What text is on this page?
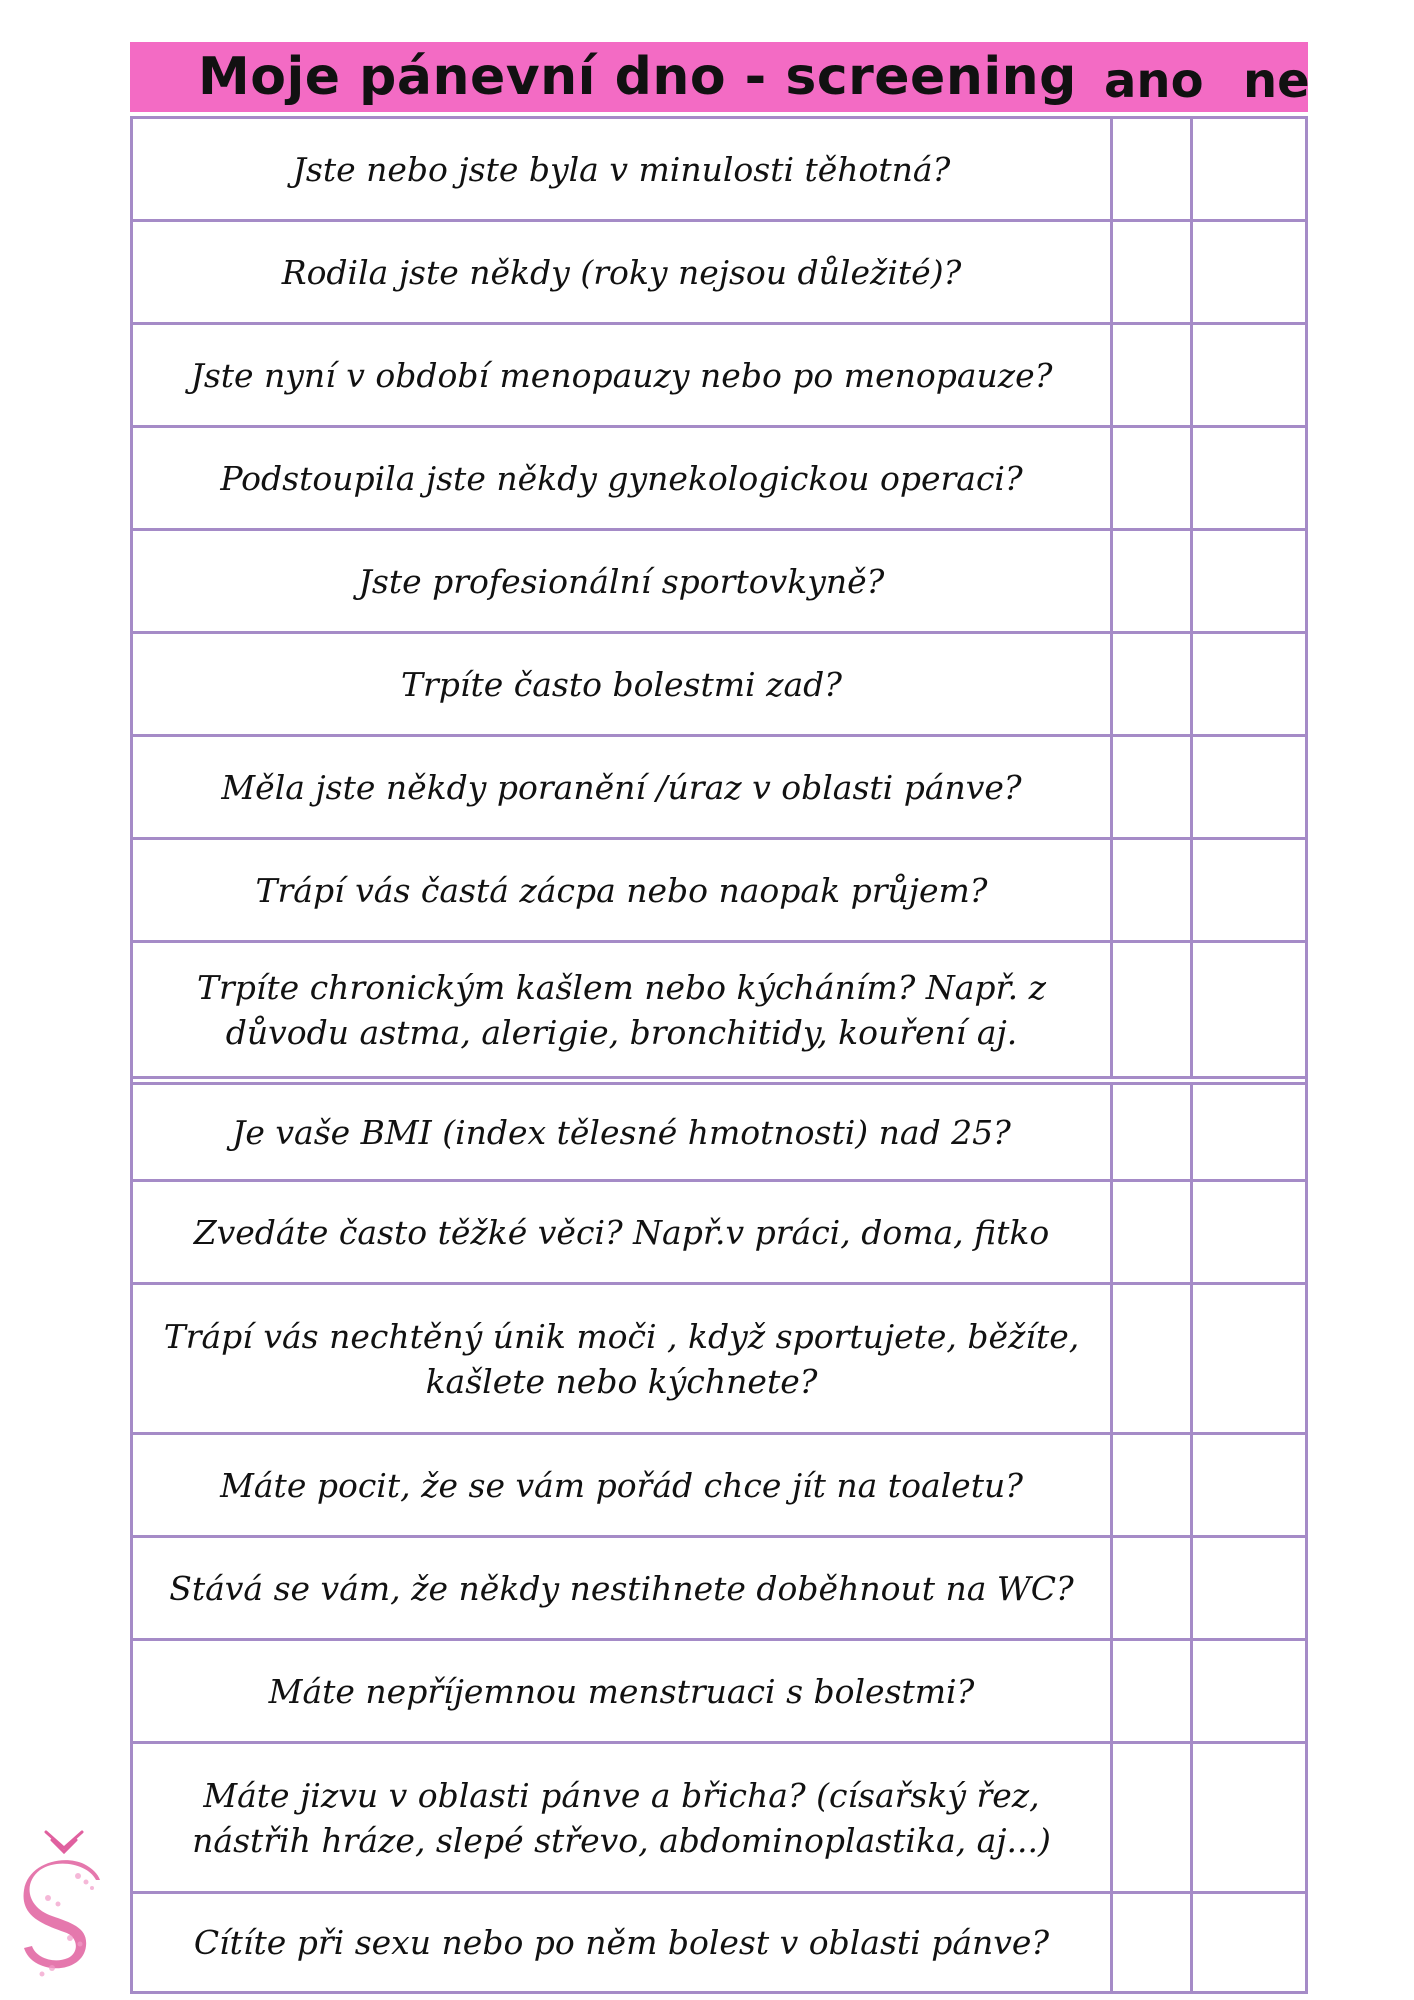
Moje pánevní dno - screening ano ne
Jste nebo jste byla v minulosti těhotná?
Rodila jste někdy (roky nejsou důležité)?
Jste nyní v období menopauzy nebo po menopauze?
Podstoupila jste někdy gynekologickou operaci?
Jste profesionální sportovkyně?
Trpíte často bolestmi zad?
Měla jste někdy poranění /úraz v oblasti pánve?
Trápí vás častá zácpa nebo naopak průjem?
Trpíte chronickým kašlem nebo kýcháním? Např. z důvodu astma, alerigie, bronchitidy, kouření aj.
Je vaše BMI (index tělesné hmotnosti) nad 25?
Zvedáte často těžké věci? Např.v práci, doma, fitko
Trápí vás nechtěný únik moči , když sportujete, běžíte, kašlete nebo kýchnete?
Máte pocit, že se vám pořád chce jít na toaletu?
Stává se vám, že někdy nestihnete doběhnout na WC?
Máte nepříjemnou menstruaci s bolestmi?
Máte jizvu v oblasti pánve a břicha? (císařský řez, nástřih hráze, slepé střevo, abdominoplastika, aj...)
Cítíte při sexu nebo po něm bolest v oblasti pánve?
